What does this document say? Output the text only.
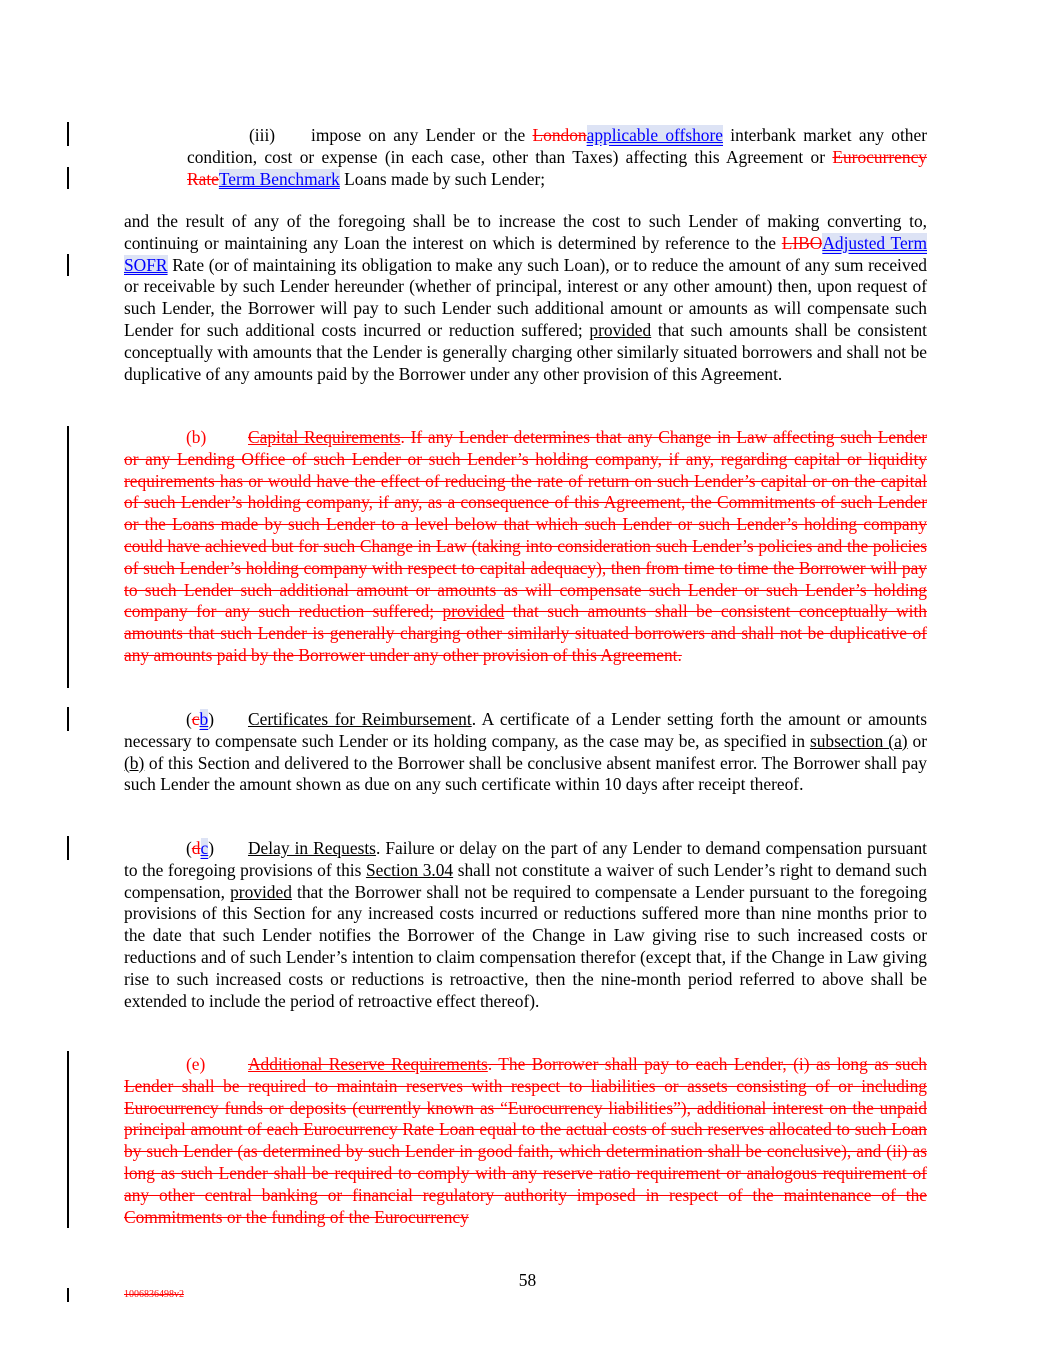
(iii) impose on any Lender or the Londonapplicable offshore interbank market any other condition, cost or expense (in each case, other than Taxes) affecting this Agreement or Eurocurrency RateTerm Benchmark Loans made by such Lender;

and the result of any of the foregoing shall be to increase the cost to such Lender of making converting to, continuing or maintaining any Loan the interest on which is determined by reference to the LIBOAdjusted Term SOFR Rate (or of maintaining its obligation to make any such Loan), or to reduce the amount of any sum received or receivable by such Lender hereunder (whether of principal, interest or any other amount) then, upon request of such Lender, the Borrower will pay to such Lender such additional amount or amounts as will compensate such Lender for such additional costs incurred or reduction suffered; provided that such amounts shall be consistent conceptually with amounts that the Lender is generally charging other similarly situated borrowers and shall not be duplicative of any amounts paid by the Borrower under any other provision of this Agreement.

(b) Capital Requirements. If any Lender determines that any Change in Law affecting such Lender or any Lending Office of such Lender or such Lender’s holding company, if any, regarding capital or liquidity requirements has or would have the effect of reducing the rate of return on such Lender’s capital or on the capital of such Lender’s holding company, if any, as a consequence of this Agreement, the Commitments of such Lender or the Loans made by such Lender to a level below that which such Lender or such Lender’s holding company could have achieved but for such Change in Law (taking into consideration such Lender’s policies and the policies of such Lender’s holding company with respect to capital adequacy), then from time to time the Borrower will pay to such Lender such additional amount or amounts as will compensate such Lender or such Lender’s holding company for any such reduction suffered; provided that such amounts shall be consistent conceptually with amounts that such Lender is generally charging other similarly situated borrowers and shall not be duplicative of any amounts paid by the Borrower under any other provision of this Agreement.

(cb) Certificates for Reimbursement. A certificate of a Lender setting forth the amount or amounts necessary to compensate such Lender or its holding company, as the case may be, as specified in subsection (a) or (b) of this Section and delivered to the Borrower shall be conclusive absent manifest error. The Borrower shall pay such Lender the amount shown as due on any such certificate within 10 days after receipt thereof.

(dc) Delay in Requests. Failure or delay on the part of any Lender to demand compensation pursuant to the foregoing provisions of this Section 3.04 shall not constitute a waiver of such Lender’s right to demand such compensation, provided that the Borrower shall not be required to compensate a Lender pursuant to the foregoing provisions of this Section for any increased costs incurred or reductions suffered more than nine months prior to the date that such Lender notifies the Borrower of the Change in Law giving rise to such increased costs or reductions and of such Lender’s intention to claim compensation therefor (except that, if the Change in Law giving rise to such increased costs or reductions is retroactive, then the nine-month period referred to above shall be extended to include the period of retroactive effect thereof).

(e) Additional Reserve Requirements. The Borrower shall pay to each Lender, (i) as long as such Lender shall be required to maintain reserves with respect to liabilities or assets consisting of or including Eurocurrency funds or deposits (currently known as “Eurocurrency liabilities”), additional interest on the unpaid principal amount of each Eurocurrency Rate Loan equal to the actual costs of such reserves allocated to such Loan by such Lender (as determined by such Lender in good faith, which determination shall be conclusive), and (ii) as long as such Lender shall be required to comply with any reserve ratio requirement or analogous requirement of any other central banking or financial regulatory authority imposed in respect of the maintenance of the Commitments or the funding of the Eurocurrency

58
1006836498v2
